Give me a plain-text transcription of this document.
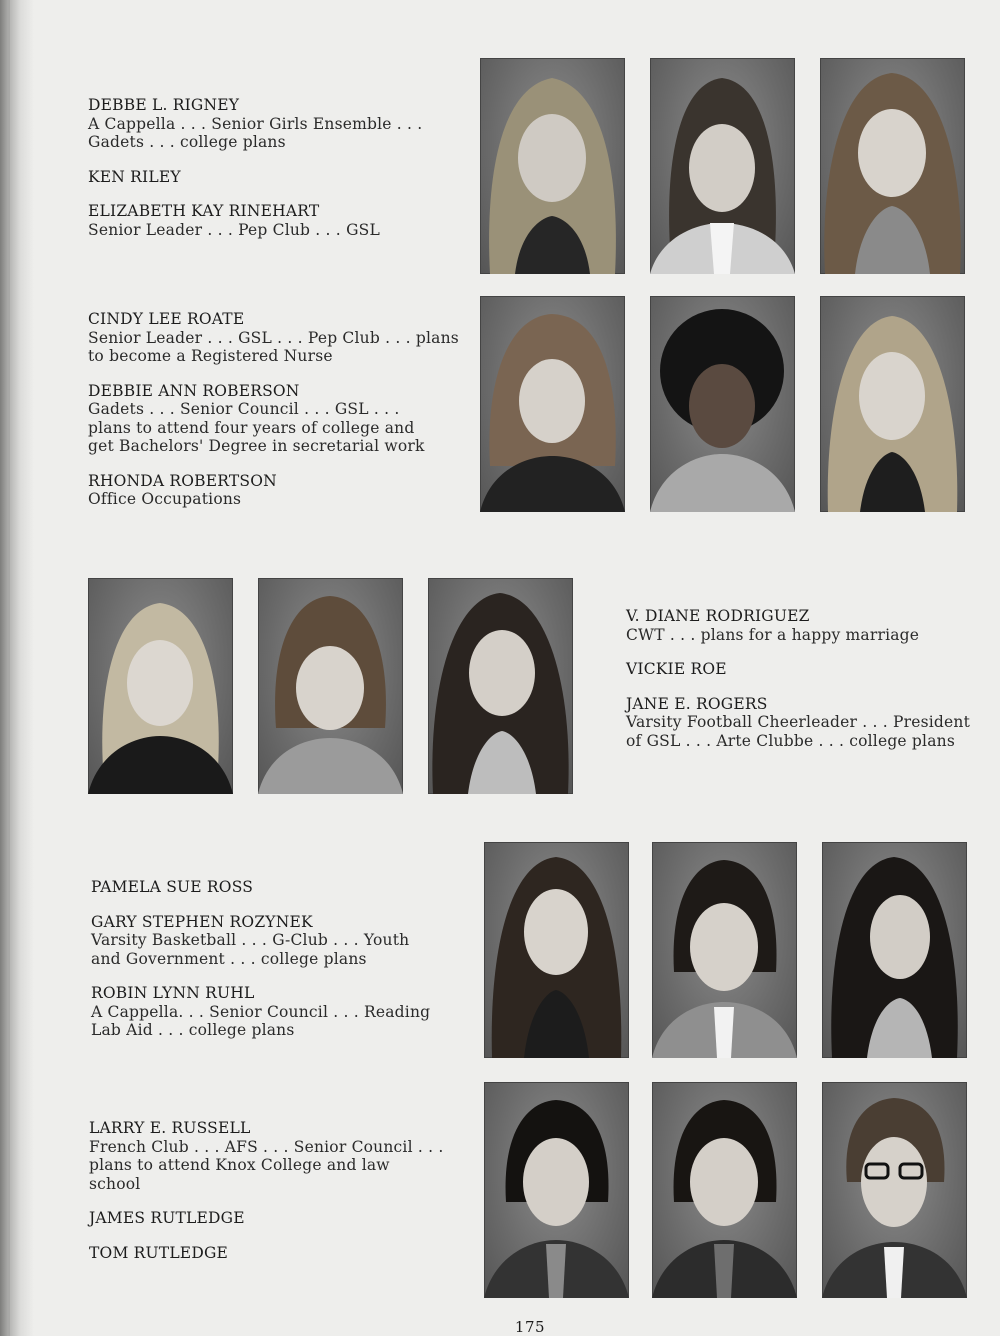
DEBBE L. RIGNEY
A Cappella . . . Senior Girls Ensemble . . .
Gadets . . . college plans
KEN RILEY
ELIZABETH KAY RINEHART
Senior Leader . . . Pep Club . . . GSL
CINDY LEE ROATE
Senior Leader . . . GSL . . . Pep Club . . . plans
to become a Registered Nurse
DEBBIE ANN ROBERSON
Gadets . . . Senior Council . . . GSL . . .
plans to attend four years of college and
get Bachelors' Degree in secretarial work
RHONDA ROBERTSON
Office Occupations
V. DIANE RODRIGUEZ
CWT . . . plans for a happy marriage
VICKIE ROE
JANE E. ROGERS
Varsity Football Cheerleader . . . President
of GSL . . . Arte Clubbe . . . college plans
PAMELA SUE ROSS
GARY STEPHEN ROZYNEK
Varsity Basketball . . . G-Club . . . Youth
and Government . . . college plans
ROBIN LYNN RUHL
A Cappella. . . Senior Council . . . Reading
Lab Aid . . . college plans
LARRY E. RUSSELL
French Club . . . AFS . . . Senior Council . . .
plans to attend Knox College and law
school
JAMES RUTLEDGE
TOM RUTLEDGE
175
